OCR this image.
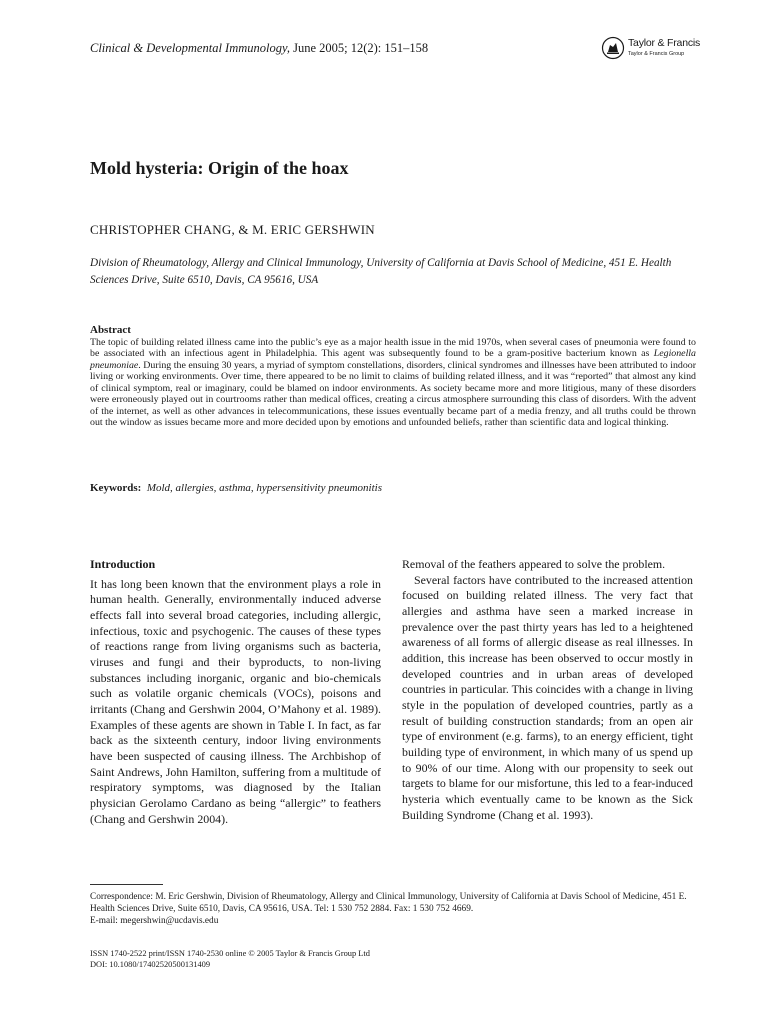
Clinical & Developmental Immunology, June 2005; 12(2): 151–158	Taylor & Francis
Taylor & Francis Group
Mold hysteria: Origin of the hoax
CHRISTOPHER CHANG, & M. ERIC GERSHWIN
Division of Rheumatology, Allergy and Clinical Immunology, University of California at Davis School of Medicine, 451 E. Health Sciences Drive, Suite 6510, Davis, CA 95616, USA
Abstract
The topic of building related illness came into the public’s eye as a major health issue in the mid 1970s, when several cases of pneumonia were found to be associated with an infectious agent in Philadelphia. This agent was subsequently found to be a gram-positive bacterium known as Legionella pneumoniae. During the ensuing 30 years, a myriad of symptom constellations, disorders, clinical syndromes and illnesses have been attributed to indoor living or working environments. Over time, there appeared to be no limit to claims of building related illness, and it was “reported” that almost any kind of clinical symptom, real or imaginary, could be blamed on indoor environments. As society became more and more litigious, many of these disorders were erroneously played out in courtrooms rather than medical offices, creating a circus atmosphere surrounding this class of disorders. With the advent of the internet, as well as other advances in telecommunications, these issues eventually became part of a media frenzy, and all truths could be thrown out the window as issues became more and more decided upon by emotions and unfounded beliefs, rather than scientific data and logical thinking.
Keywords: Mold, allergies, asthma, hypersensitivity pneumonitis
Introduction

It has long been known that the environment plays a role in human health. Generally, environmentally induced adverse effects fall into several broad categories, including allergic, infectious, toxic and psychogenic. The causes of these types of reactions range from living organisms such as bacteria, viruses and fungi and their byproducts, to non-living substances including inorganic, organic and bio-chemicals such as volatile organic chemicals (VOCs), poisons and irritants (Chang and Gershwin 2004, O’Mahony et al. 1989). Examples of these agents are shown in Table I. In fact, as far back as the sixteenth century, indoor living environments have been suspected of causing illness. The Archbishop of Saint Andrews, John Hamilton, suffering from a multitude of respiratory symptoms, was diagnosed by the Italian physician Gerolamo Cardano as being “allergic” to feathers (Chang and Gershwin 2004).

Removal of the feathers appeared to solve the problem.

Several factors have contributed to the increased attention focused on building related illness. The very fact that allergies and asthma have seen a marked increase in prevalence over the past thirty years has led to a heightened awareness of all forms of allergic disease as real illnesses. In addition, this increase has been observed to occur mostly in developed countries and in urban areas of developed countries in particular. This coincides with a change in living style in the population of developed countries, partly as a result of building construction standards; from an open air type of environment (e.g. farms), to an energy efficient, tight building type of environment, in which many of us spend up to 90% of our time. Along with our propensity to seek out targets to blame for our misfortune, this led to a fear-induced hysteria which eventually came to be known as the Sick Building Syndrome (Chang et al. 1993).

Correspondence: M. Eric Gershwin, Division of Rheumatology, Allergy and Clinical Immunology, University of California at Davis School of Medicine, 451 E. Health Sciences Drive, Suite 6510, Davis, CA 95616, USA. Tel: 1 530 752 2884. Fax: 1 530 752 4669.
E-mail: megershwin@ucdavis.edu
ISSN 1740-2522 print/ISSN 1740-2530 online © 2005 Taylor & Francis Group Ltd
DOI: 10.1080/17402520500131409
